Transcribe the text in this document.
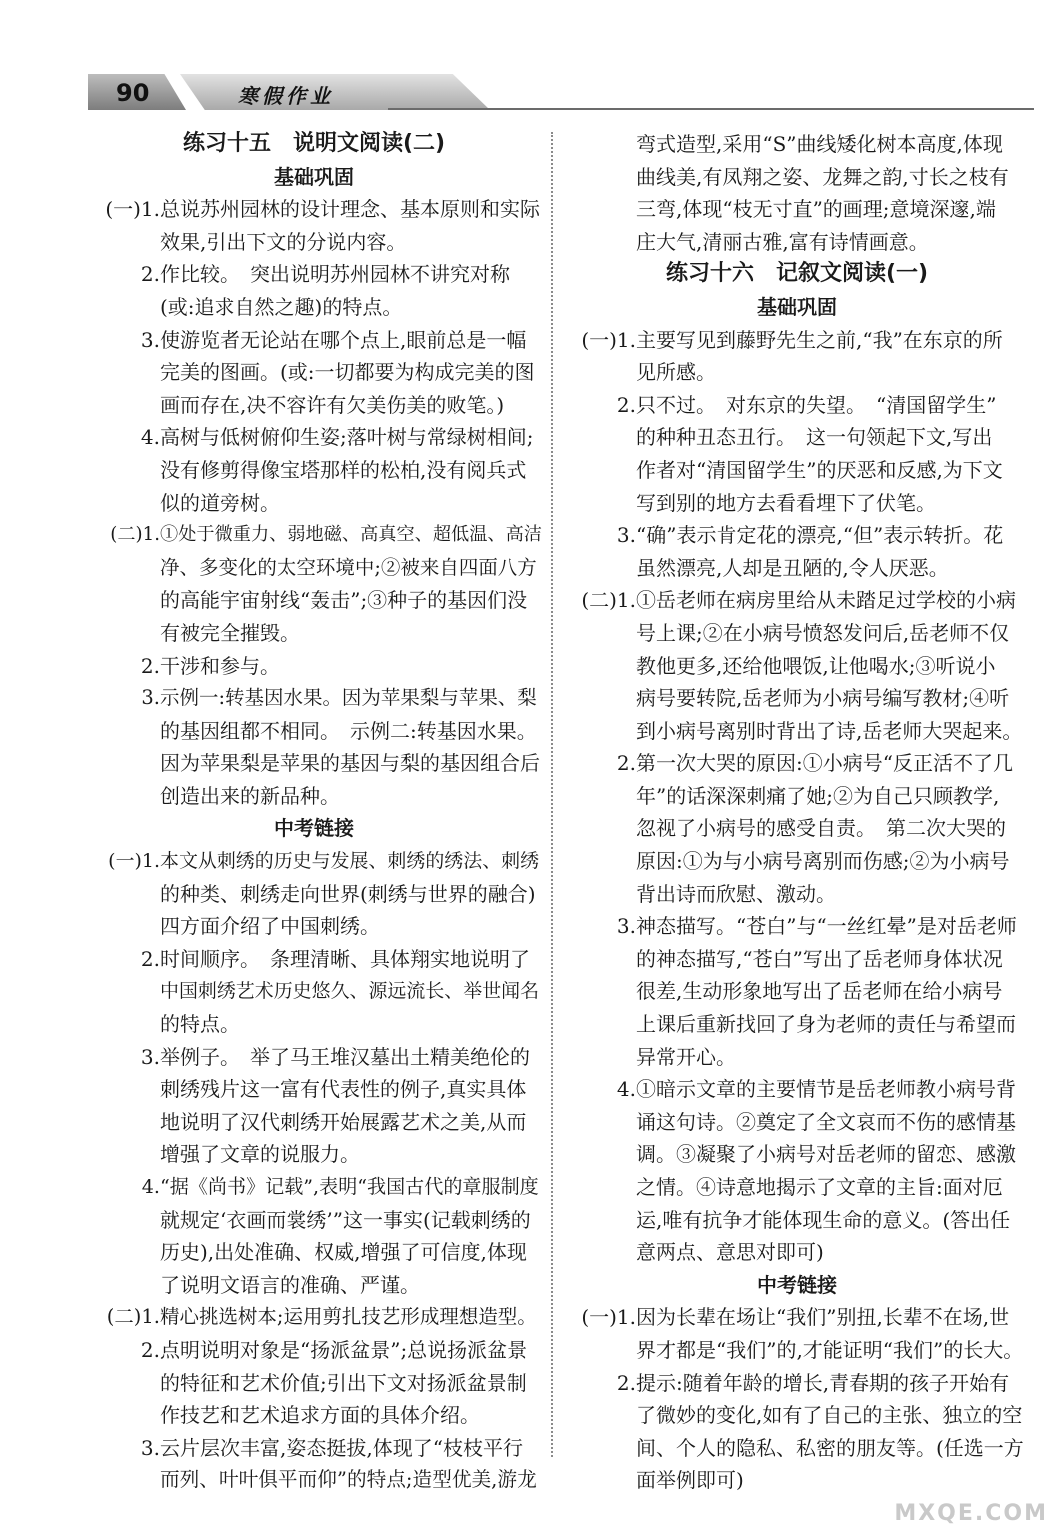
90	寒假作业
练习十五　说明文阅读(二)
基础巩固
(一)1.总说苏州园林的设计理念、基本原则和实际
效果,引出下文的分说内容。
2.作比较。　突出说明苏州园林不讲究对称
(或:追求自然之趣)的特点。
3.使游览者无论站在哪个点上,眼前总是一幅
完美的图画。(或:一切都要为构成完美的图
画而存在,决不容许有欠美伤美的败笔。)
4.高树与低树俯仰生姿;落叶树与常绿树相间;
没有修剪得像宝塔那样的松柏,没有阅兵式
似的道旁树。
(二)1.①处于微重力、弱地磁、高真空、超低温、高洁
净、多变化的太空环境中;②被来自四面八方
的高能宇宙射线“轰击”;③种子的基因们没
有被完全摧毁。
2.干涉和参与。
3.示例一:转基因水果。因为苹果梨与苹果、梨
的基因组都不相同。　示例二:转基因水果。
因为苹果梨是苹果的基因与梨的基因组合后
创造出来的新品种。
中考链接
(一)1.本文从刺绣的历史与发展、刺绣的绣法、刺绣
的种类、刺绣走向世界(刺绣与世界的融合)
四方面介绍了中国刺绣。
2.时间顺序。　条理清晰、具体翔实地说明了
中国刺绣艺术历史悠久、源远流长、举世闻名
的特点。
3.举例子。　举了马王堆汉墓出土精美绝伦的
刺绣残片这一富有代表性的例子,真实具体
地说明了汉代刺绣开始展露艺术之美,从而
增强了文章的说服力。
4.“据《尚书》记载”,表明“我国古代的章服制度
就规定‘衣画而裳绣’”这一事实(记载刺绣的
历史),出处准确、权威,增强了可信度,体现
了说明文语言的准确、严谨。
(二)1.精心挑选树本;运用剪扎技艺形成理想造型。
2.点明说明对象是“扬派盆景”;总说扬派盆景
的特征和艺术价值;引出下文对扬派盆景制
作技艺和艺术追求方面的具体介绍。
3.云片层次丰富,姿态挺拔,体现了“枝枝平行
而列、叶叶俱平而仰”的特点;造型优美,游龙
弯式造型,采用“S”曲线矮化树本高度,体现
曲线美,有凤翔之姿、龙舞之韵,寸长之枝有
三弯,体现“枝无寸直”的画理;意境深邃,端
庄大气,清丽古雅,富有诗情画意。
练习十六　记叙文阅读(一)
基础巩固
(一)1.主要写见到藤野先生之前,“我”在东京的所
见所感。
2.只不过。　对东京的失望。　“清国留学生”
的种种丑态丑行。　这一句领起下文,写出
作者对“清国留学生”的厌恶和反感,为下文
写到别的地方去看看埋下了伏笔。
3.“确”表示肯定花的漂亮,“但”表示转折。花
虽然漂亮,人却是丑陋的,令人厌恶。
(二)1.①岳老师在病房里给从未踏足过学校的小病
号上课;②在小病号愤怒发问后,岳老师不仅
教他更多,还给他喂饭,让他喝水;③听说小
病号要转院,岳老师为小病号编写教材;④听
到小病号离别时背出了诗,岳老师大哭起来。
2.第一次大哭的原因:①小病号“反正活不了几
年”的话深深刺痛了她;②为自己只顾教学,
忽视了小病号的感受自责。　第二次大哭的
原因:①为与小病号离别而伤感;②为小病号
背出诗而欣慰、激动。
3.神态描写。“苍白”与“一丝红晕”是对岳老师
的神态描写,“苍白”写出了岳老师身体状况
很差,生动形象地写出了岳老师在给小病号
上课后重新找回了身为老师的责任与希望而
异常开心。
4.①暗示文章的主要情节是岳老师教小病号背
诵这句诗。②奠定了全文哀而不伤的感情基
调。③凝聚了小病号对岳老师的留恋、感激
之情。④诗意地揭示了文章的主旨:面对厄
运,唯有抗争才能体现生命的意义。(答出任
意两点、意思对即可)
中考链接
(一)1.因为长辈在场让“我们”别扭,长辈不在场,世
界才都是“我们”的,才能证明“我们”的长大。
2.提示:随着年龄的增长,青春期的孩子开始有
了微妙的变化,如有了自己的主张、独立的空
间、个人的隐私、私密的朋友等。(任选一方
面举例即可)
MXQE.COM
